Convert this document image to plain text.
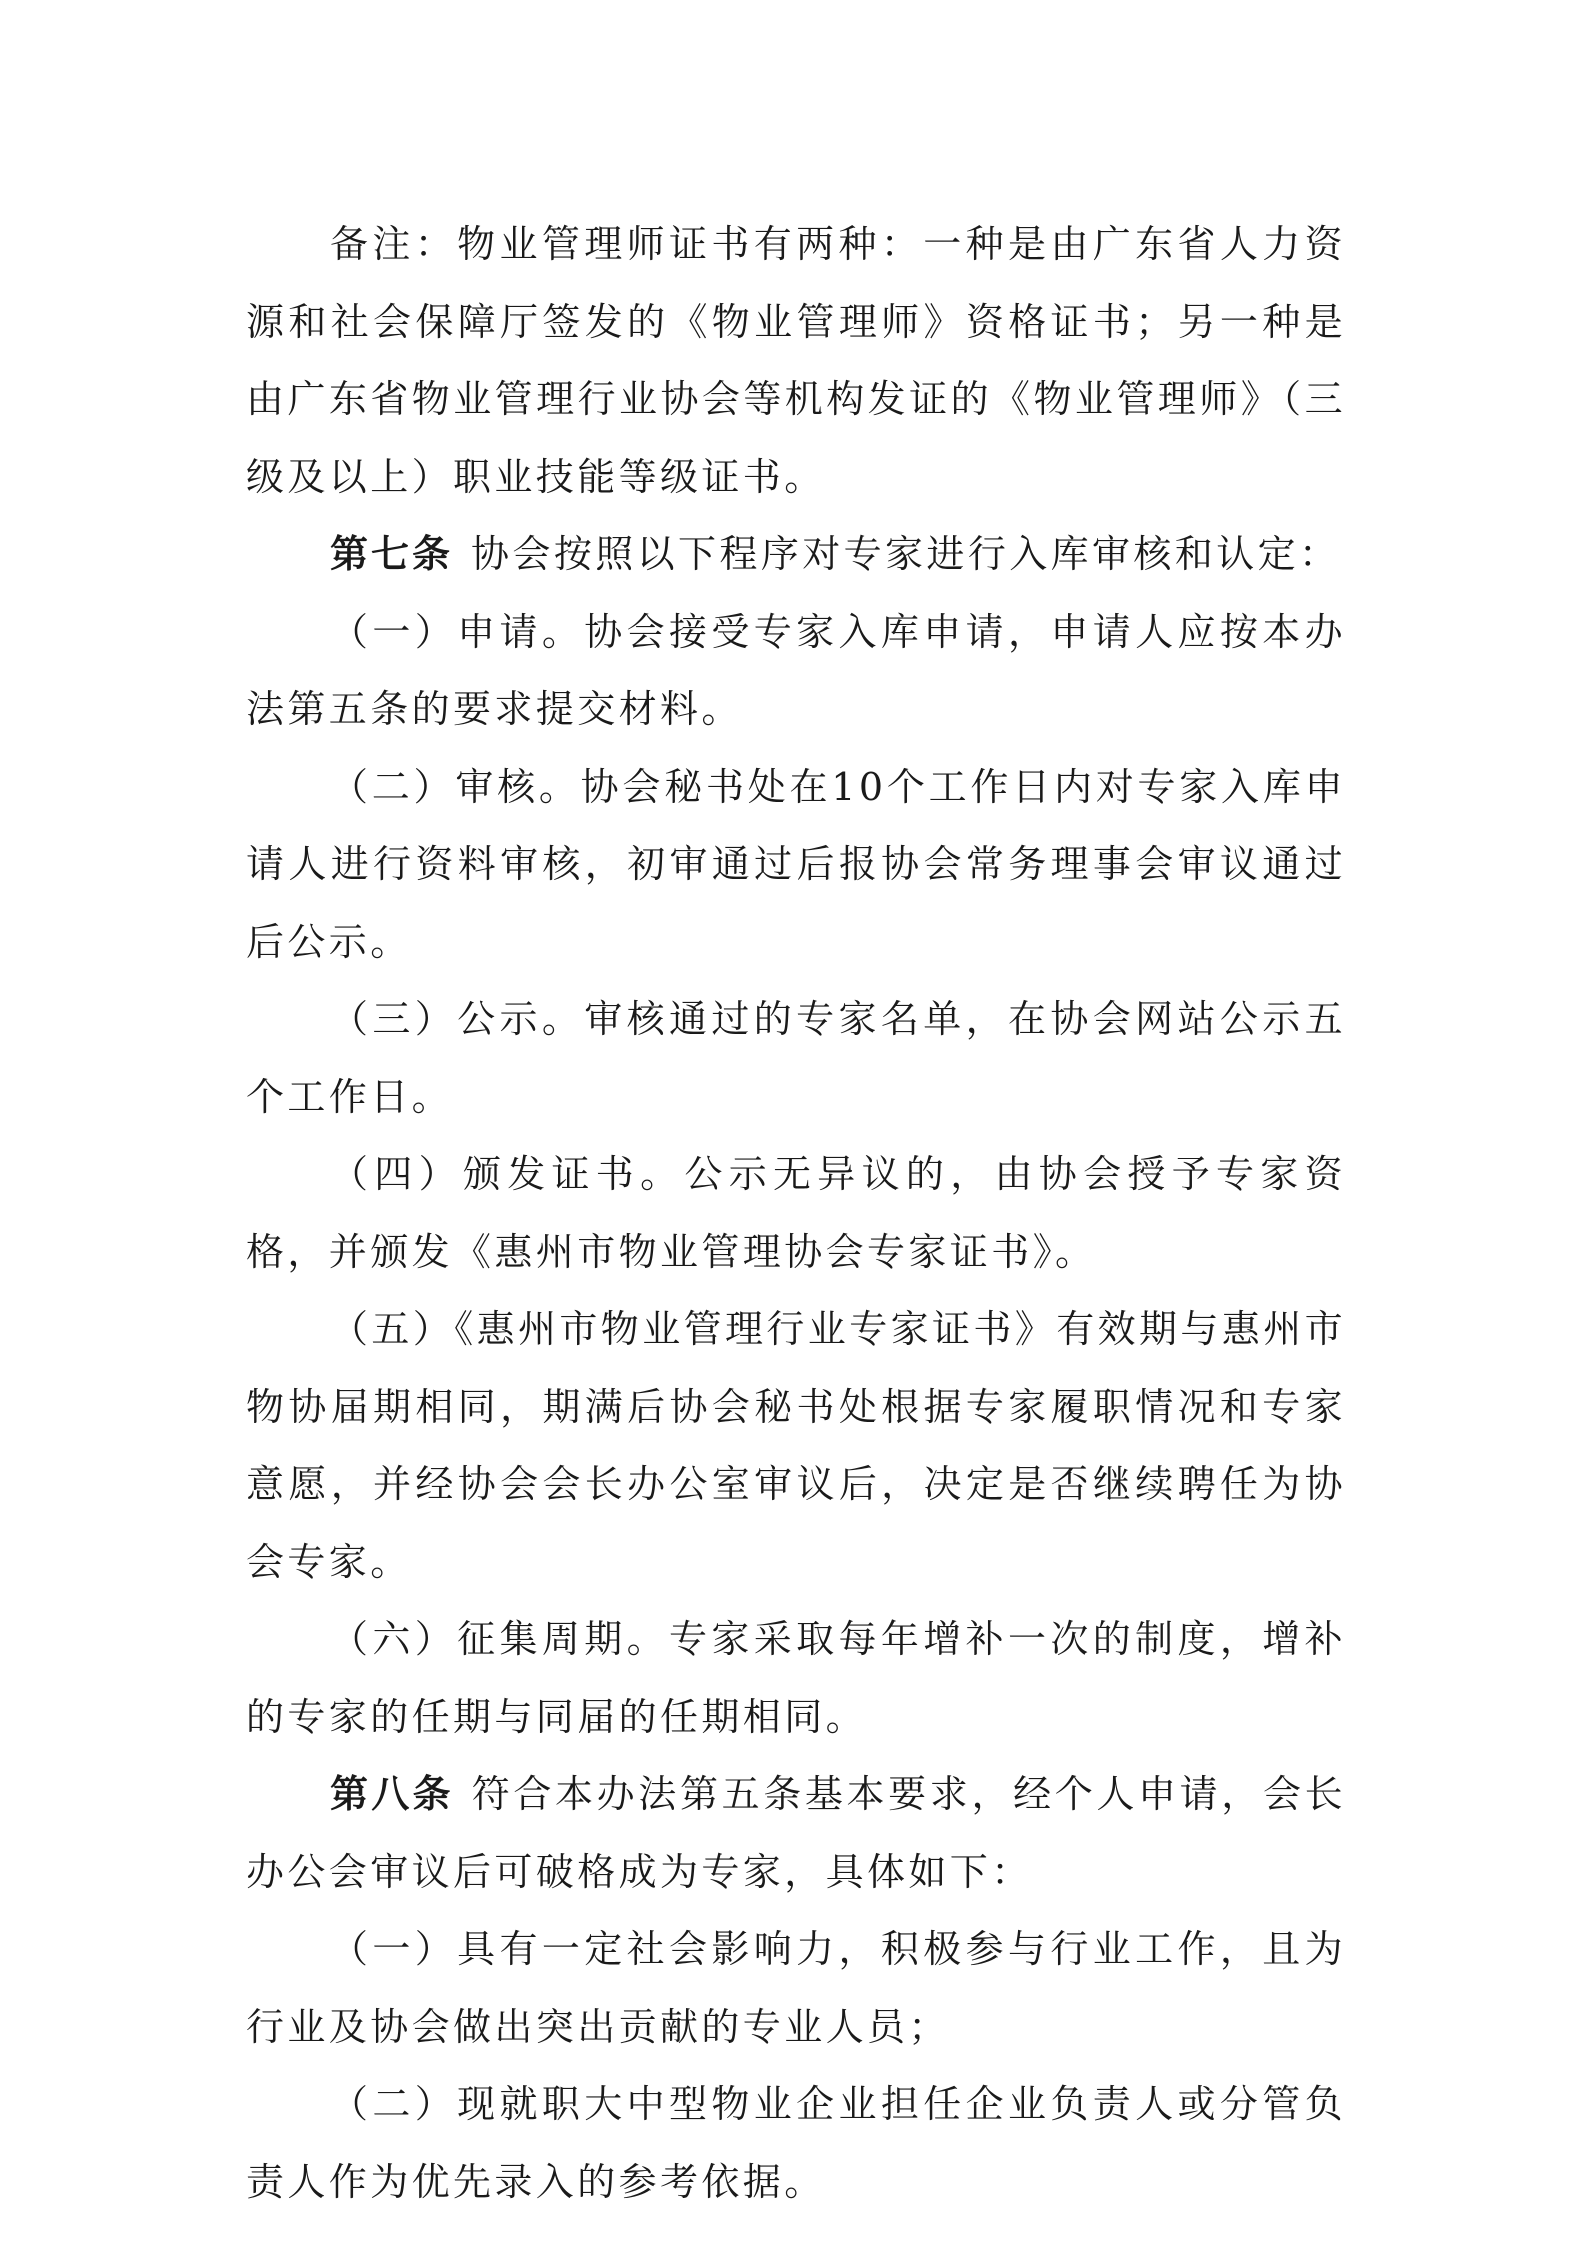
备注：物业管理师证书有两种：一种是由广东省人力资源和社会保障厅签发的《物业管理师》资格证书；另一种是由广东省物业管理行业协会等机构发证的《物业管理师》（三级及以上）职业技能等级证书。

第七条 协会按照以下程序对专家进行入库审核和认定：

（一）申请。协会接受专家入库申请，申请人应按本办法第五条的要求提交材料。

（二）审核。协会秘书处在10个工作日内对专家入库申请人进行资料审核，初审通过后报协会常务理事会审议通过后公示。

（三）公示。审核通过的专家名单，在协会网站公示五个工作日。

（四）颁发证书。公示无异议的，由协会授予专家资格，并颁发《惠州市物业管理协会专家证书》。

（五）《惠州市物业管理行业专家证书》有效期与惠州市物协届期相同，期满后协会秘书处根据专家履职情况和专家意愿，并经协会会长办公室审议后，决定是否继续聘任为协会专家。

（六）征集周期。专家采取每年增补一次的制度，增补的专家的任期与同届的任期相同。

第八条 符合本办法第五条基本要求，经个人申请，会长办公会审议后可破格成为专家，具体如下：

（一）具有一定社会影响力，积极参与行业工作，且为行业及协会做出突出贡献的专业人员；

（二）现就职大中型物业企业担任企业负责人或分管负责人作为优先录入的参考依据。
